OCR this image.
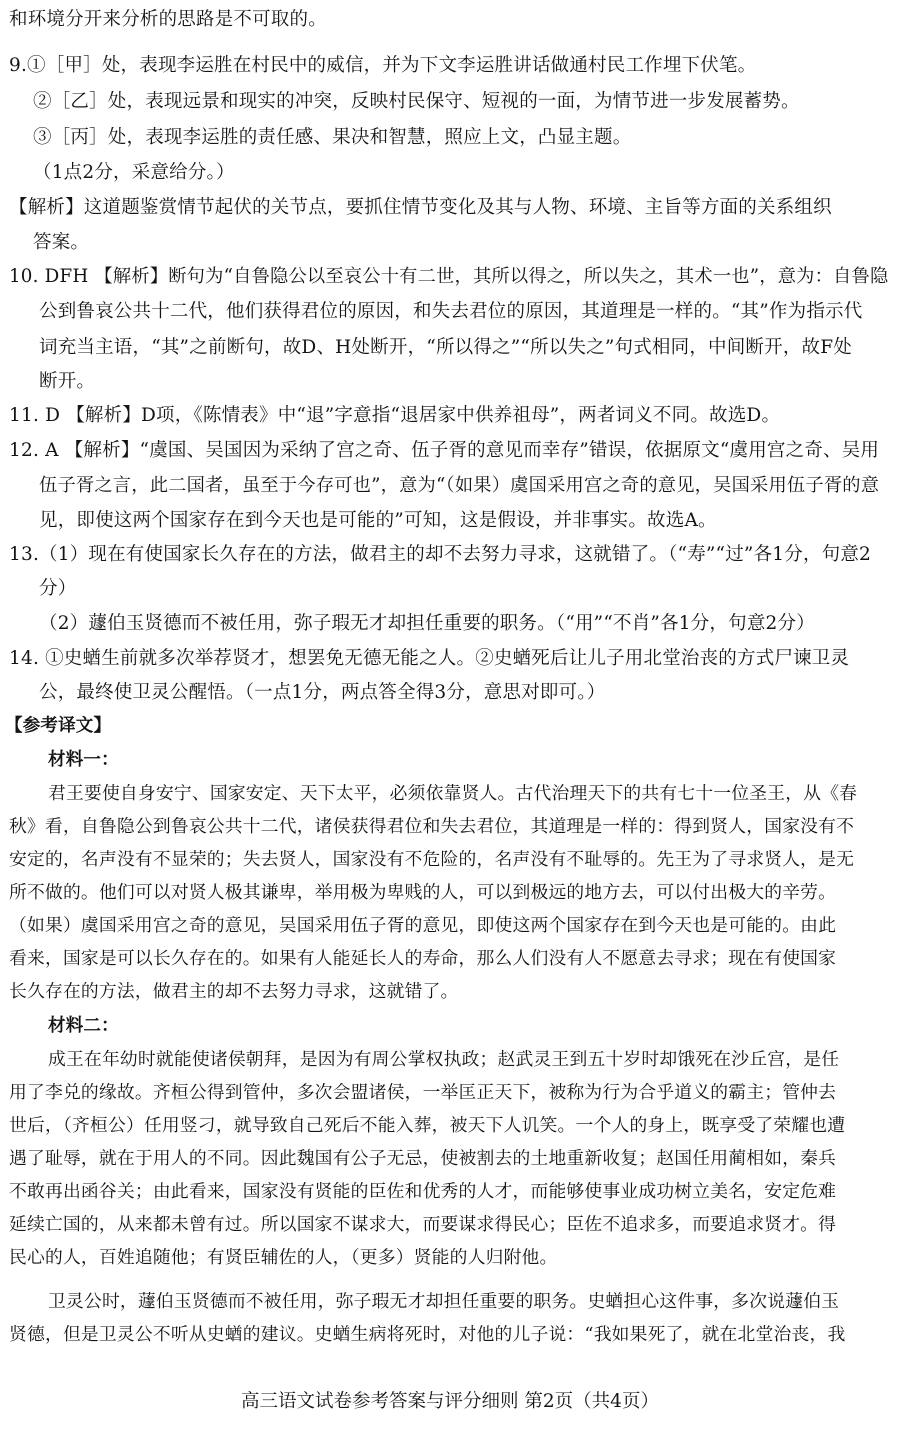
和环境分开来分析的思路是不可取的。
9.①［甲］处，表现李运胜在村民中的威信，并为下文李运胜讲话做通村民工作埋下伏笔。
②［乙］处，表现远景和现实的冲突，反映村民保守、短视的一面，为情节进一步发展蓄势。
③［丙］处，表现李运胜的责任感、果决和智慧，照应上文，凸显主题。
（1点2分，采意给分。）
【解析】这道题鉴赏情节起伏的关节点，要抓住情节变化及其与人物、环境、主旨等方面的关系组织
答案。
10. DFH 【解析】断句为“自鲁隐公以至哀公十有二世，其所以得之，所以失之，其术一也”，意为：自鲁隐
公到鲁哀公共十二代，他们获得君位的原因，和失去君位的原因，其道理是一样的。“其”作为指示代
词充当主语，“其”之前断句，故D、H处断开，“所以得之”“所以失之”句式相同，中间断开，故F处
断开。
11. D 【解析】D项，《陈情表》中“退”字意指“退居家中供养祖母”，两者词义不同。故选D。
12. A 【解析】“虞国、吴国因为采纳了宫之奇、伍子胥的意见而幸存”错误，依据原文“虞用宫之奇、吴用
伍子胥之言，此二国者，虽至于今存可也”，意为“（如果）虞国采用宫之奇的意见，吴国采用伍子胥的意
见，即使这两个国家存在到今天也是可能的”可知，这是假设，并非事实。故选A。
13.（1）现在有使国家长久存在的方法，做君主的却不去努力寻求，这就错了。（“寿”“过”各1分，句意2
分）
（2）蘧伯玉贤德而不被任用，弥子瑕无才却担任重要的职务。（“用”“不肖”各1分，句意2分）
14. ①史蝤生前就多次举荐贤才，想罢免无德无能之人。②史蝤死后让儿子用北堂治丧的方式尸谏卫灵
公，最终使卫灵公醒悟。（一点1分，两点答全得3分，意思对即可。）
【参考译文】
材料一：
君王要使自身安宁、国家安定、天下太平，必须依靠贤人。古代治理天下的共有七十一位圣王，从《春
秋》看，自鲁隐公到鲁哀公共十二代，诸侯获得君位和失去君位，其道理是一样的：得到贤人，国家没有不
安定的，名声没有不显荣的；失去贤人，国家没有不危险的，名声没有不耻辱的。先王为了寻求贤人，是无
所不做的。他们可以对贤人极其谦卑，举用极为卑贱的人，可以到极远的地方去，可以付出极大的辛劳。
（如果）虞国采用宫之奇的意见，吴国采用伍子胥的意见，即使这两个国家存在到今天也是可能的。由此
看来，国家是可以长久存在的。如果有人能延长人的寿命，那么人们没有人不愿意去寻求；现在有使国家
长久存在的方法，做君主的却不去努力寻求，这就错了。
材料二：
成王在年幼时就能使诸侯朝拜，是因为有周公掌权执政；赵武灵王到五十岁时却饿死在沙丘宫，是任
用了李兑的缘故。齐桓公得到管仲，多次会盟诸侯，一举匡正天下，被称为行为合乎道义的霸主；管仲去
世后，（齐桓公）任用竖刁，就导致自己死后不能入葬，被天下人讥笑。一个人的身上，既享受了荣耀也遭
遇了耻辱，就在于用人的不同。因此魏国有公子无忌，使被割去的土地重新收复；赵国任用蔺相如，秦兵
不敢再出函谷关；由此看来，国家没有贤能的臣佐和优秀的人才，而能够使事业成功树立美名，安定危难
延续亡国的，从来都未曾有过。所以国家不谋求大，而要谋求得民心；臣佐不追求多，而要追求贤才。得
民心的人，百姓追随他；有贤臣辅佐的人，（更多）贤能的人归附他。
卫灵公时，蘧伯玉贤德而不被任用，弥子瑕无才却担任重要的职务。史蝤担心这件事，多次说蘧伯玉
贤德，但是卫灵公不听从史蝤的建议。史蝤生病将死时，对他的儿子说：“我如果死了，就在北堂治丧，我
高三语文试卷参考答案与评分细则 第2页（共4页）
